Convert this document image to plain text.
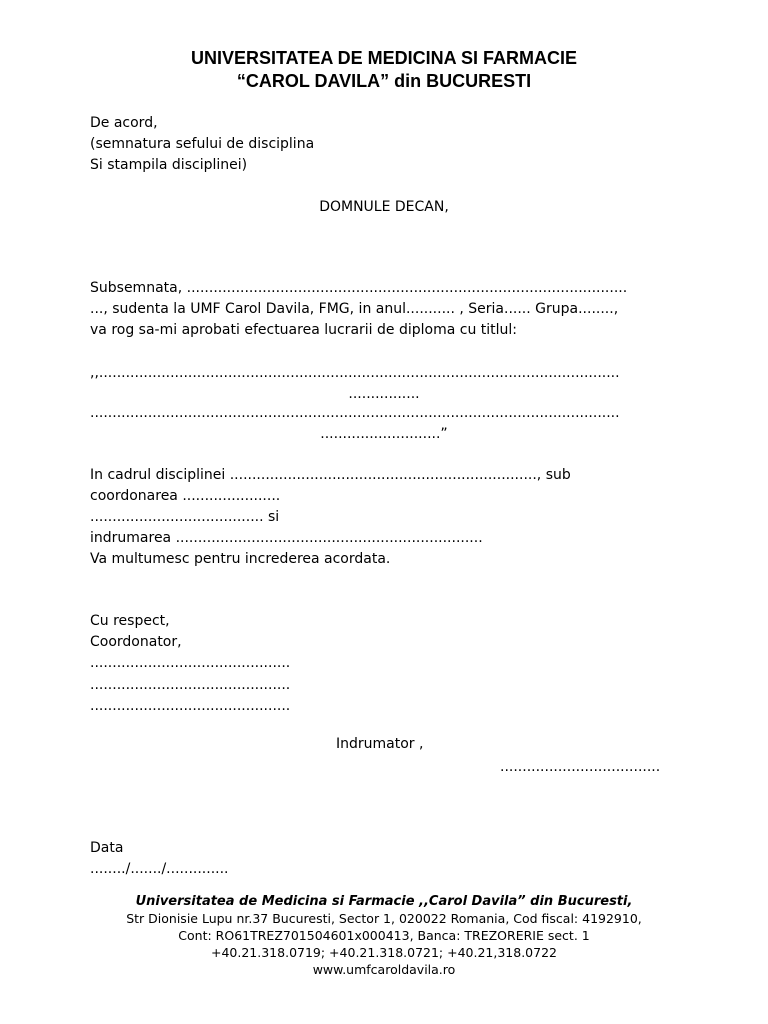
UNIVERSITATEA DE MEDICINA SI FARMACIE
“CAROL DAVILA” din BUCURESTI
De acord,
(semnatura sefului de disciplina
Si stampila disciplinei)
DOMNULE DECAN,
Subsemnata, ...................................................................................................
..., sudenta la UMF Carol Davila, FMG, in anul........... , Seria...... Grupa........,
va rog sa-mi aprobati efectuarea lucrarii de diploma cu titlul:
,,.....................................................................................................................
................
.......................................................................................................................
...........................”
In cadrul disciplinei ....................................................................., sub
coordonarea ......................
....................................... si
indrumarea .....................................................................
Va multumesc pentru increderea acordata.
Cu respect,
Coordonator,
.............................................
.............................................
.............................................
Indrumator ,
....................................
Data
......../......./..............
Universitatea de Medicina si Farmacie ,,Carol Davila” din Bucuresti,
Str Dionisie Lupu nr.37 Bucuresti, Sector 1, 020022 Romania, Cod fiscal: 4192910,
Cont: RO61TREZ701504601x000413, Banca: TREZORERIE sect. 1
+40.21.318.0719; +40.21.318.0721; +40.21,318.0722
www.umfcaroldavila.ro
